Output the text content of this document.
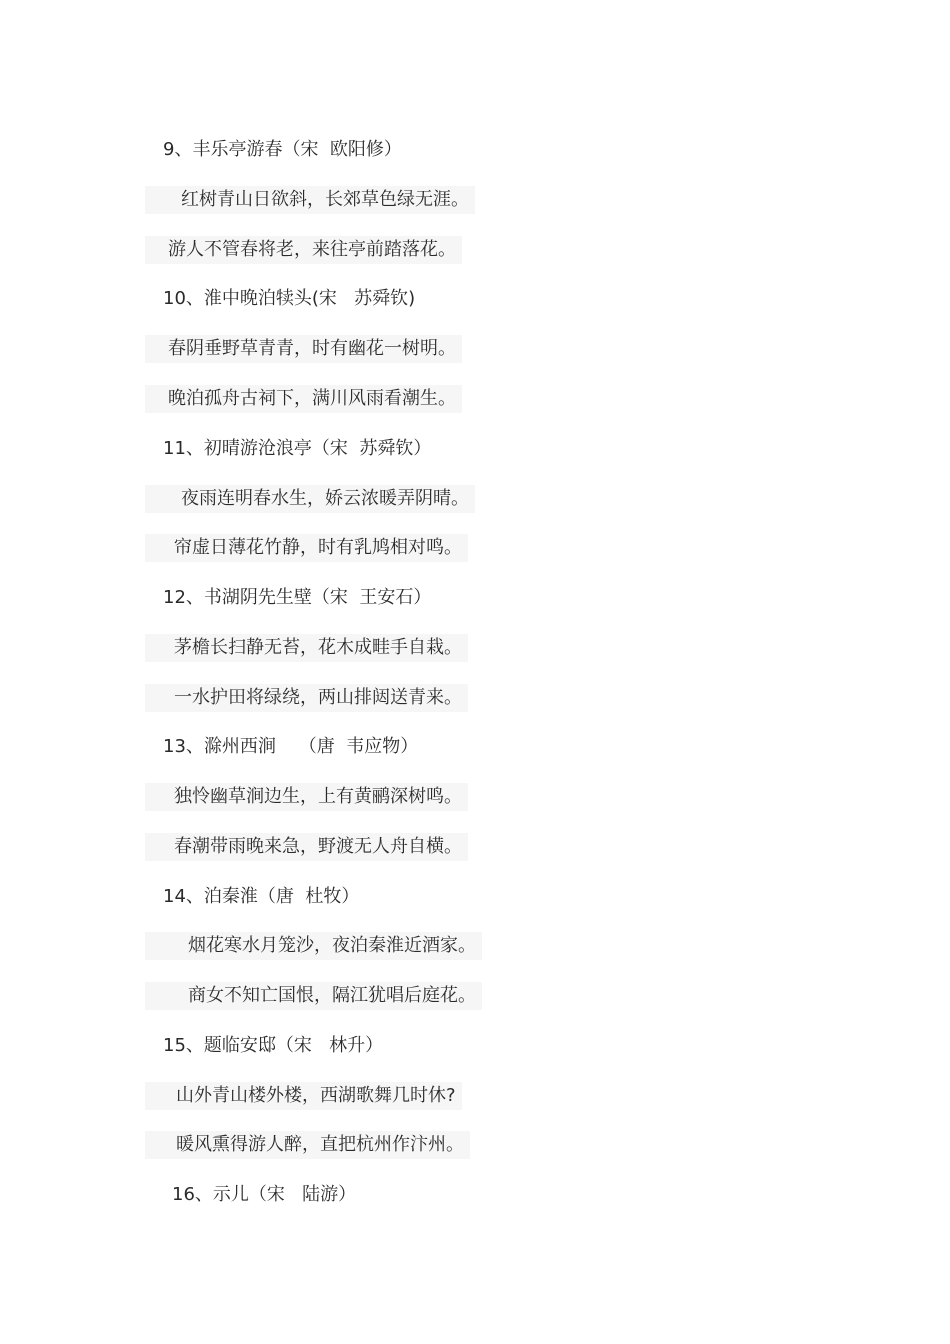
9、丰乐亭游春（宋  欧阳修）
红树青山日欲斜，长郊草色绿无涯。
游人不管春将老，来往亭前踏落花。
10、淮中晚泊犊头(宋   苏舜钦)
春阴垂野草青青，时有幽花一树明。
晚泊孤舟古祠下，满川风雨看潮生。
11、初晴游沧浪亭（宋  苏舜钦）
夜雨连明春水生，娇云浓暖弄阴晴。
帘虚日薄花竹静，时有乳鸠相对鸣。
12、书湖阴先生壁（宋  王安石）
茅檐长扫静无苔，花木成畦手自栽。
一水护田将绿绕，两山排闼送青来。
13、滁州西涧    （唐  韦应物）
独怜幽草涧边生，上有黄鹂深树鸣。
春潮带雨晚来急，野渡无人舟自横。
14、泊秦淮（唐  杜牧）
烟花寒水月笼沙，夜泊秦淮近酒家。
商女不知亡国恨，隔江犹唱后庭花。
15、题临安邸（宋   林升）
山外青山楼外楼，西湖歌舞几时休?
暖风熏得游人醉，直把杭州作汴州。
16、示儿（宋   陆游）
